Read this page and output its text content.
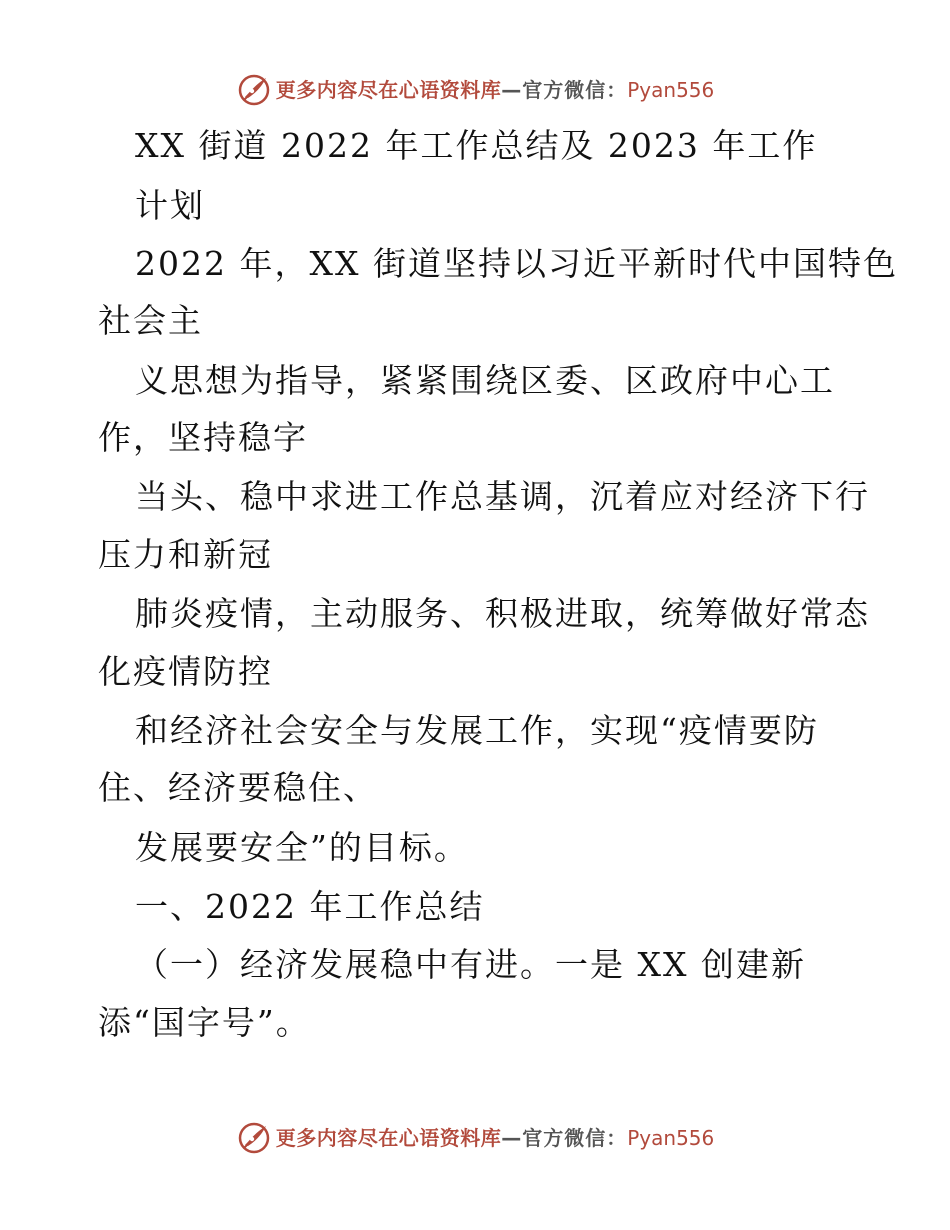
更多内容尽在心语资料库—官方微信：Pyan556
XX 街道 2022 年工作总结及 2023 年工作
计划
2022 年，XX 街道坚持以习近平新时代中国特色
社会主
义思想为指导，紧紧围绕区委、区政府中心工
作，坚持稳字
当头、稳中求进工作总基调，沉着应对经济下行
压力和新冠
肺炎疫情，主动服务、积极进取，统筹做好常态
化疫情防控
和经济社会安全与发展工作，实现“疫情要防
住、经济要稳住、
发展要安全”的目标。
一、2022 年工作总结
（一）经济发展稳中有进。一是 XX 创建新
添“国字号”。
更多内容尽在心语资料库—官方微信：Pyan556
